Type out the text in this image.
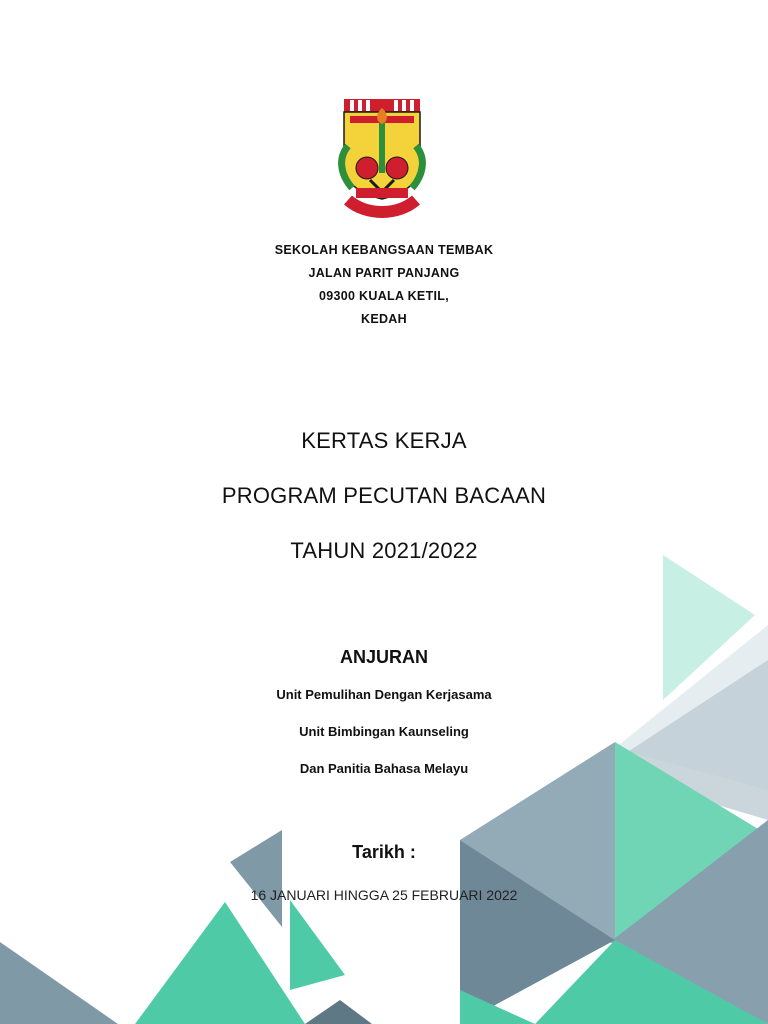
SEKOLAH KEBANGSAAN TEMBAK
JALAN PARIT PANJANG
09300 KUALA KETIL,
KEDAH
KERTAS KERJA
PROGRAM PECUTAN BACAAN
TAHUN 2021/2022
ANJURAN
Unit Pemulihan Dengan Kerjasama
Unit Bimbingan Kaunseling
Dan Panitia Bahasa Melayu
Tarikh :
16 JANUARI HINGGA 25 FEBRUARI 2022
